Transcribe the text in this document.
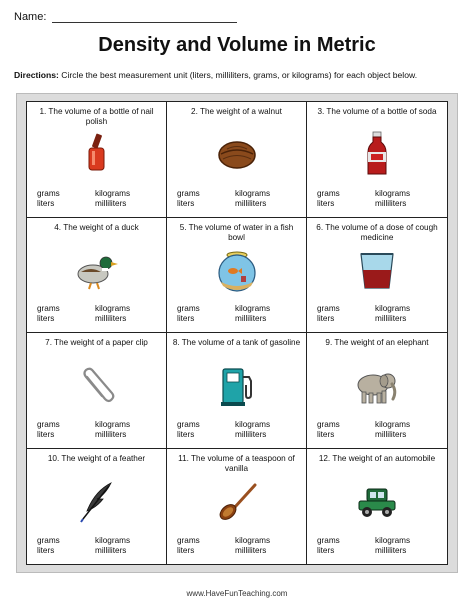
Name:
Density and Volume in Metric
Directions: Circle the best measurement unit (liters, milliliters, grams, or kilograms) for each object below.
1. The volume of a bottle of nail polish
grams	kilograms
liters	milliliters
2. The weight of a walnut
grams	kilograms
liters	milliliters
3. The volume of a bottle of soda
grams	kilograms
liters	milliliters
4. The weight of a duck
grams	kilograms
liters	milliliters
5. The volume of water in a fish bowl
grams	kilograms
liters	milliliters
6. The volume of a dose of cough medicine
grams	kilograms
liters	milliliters
7. The weight of a paper clip
grams	kilograms
liters	milliliters
8. The volume of a tank of gasoline
grams	kilograms
liters	milliliters
9. The weight of an elephant
grams	kilograms
liters	milliliters
10. The weight of a feather
grams	kilograms
liters	milliliters
11. The volume of a teaspoon of vanilla
grams	kilograms
liters	milliliters
12. The weight of an automobile
grams	kilograms
liters	milliliters
www.HaveFunTeaching.com
